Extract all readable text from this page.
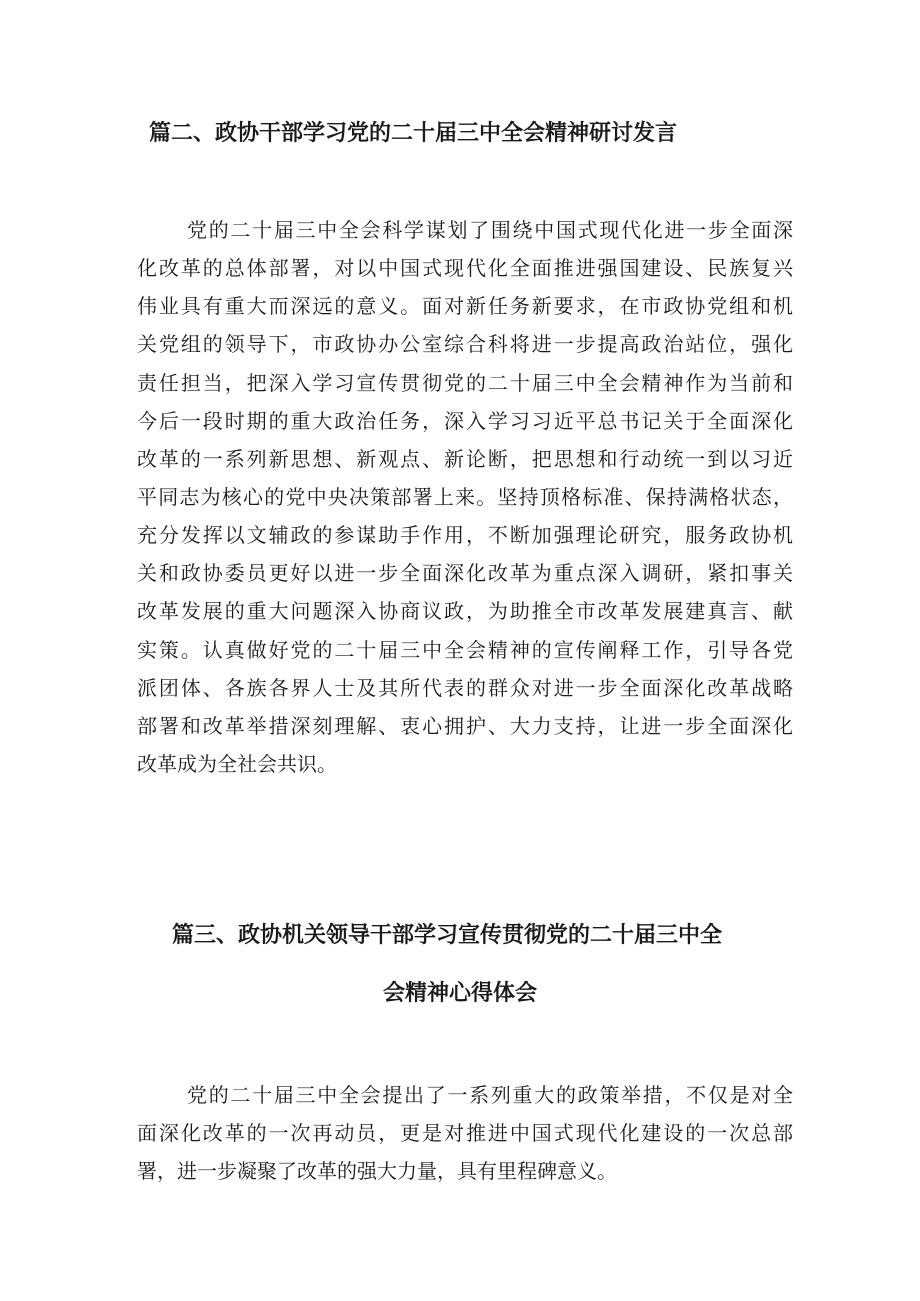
篇二、政协干部学习党的二十届三中全会精神研讨发言
党的二十届三中全会科学谋划了围绕中国式现代化进一步全面深
化改革的总体部署，对以中国式现代化全面推进强国建设、民族复兴
伟业具有重大而深远的意义。面对新任务新要求，在市政协党组和机
关党组的领导下，市政协办公室综合科将进一步提高政治站位，强化
责任担当，把深入学习宣传贯彻党的二十届三中全会精神作为当前和
今后一段时期的重大政治任务，深入学习习近平总书记关于全面深化
改革的一系列新思想、新观点、新论断，把思想和行动统一到以习近
平同志为核心的党中央决策部署上来。坚持顶格标准、保持满格状态，
充分发挥以文辅政的参谋助手作用，不断加强理论研究，服务政协机
关和政协委员更好以进一步全面深化改革为重点深入调研，紧扣事关
改革发展的重大问题深入协商议政，为助推全市改革发展建真言、献
实策。认真做好党的二十届三中全会精神的宣传阐释工作，引导各党
派团体、各族各界人士及其所代表的群众对进一步全面深化改革战略
部署和改革举措深刻理解、衷心拥护、大力支持，让进一步全面深化
改革成为全社会共识。
篇三、政协机关领导干部学习宣传贯彻党的二十届三中全
会精神心得体会
党的二十届三中全会提出了一系列重大的政策举措，不仅是对全
面深化改革的一次再动员，更是对推进中国式现代化建设的一次总部
署，进一步凝聚了改革的强大力量，具有里程碑意义。
